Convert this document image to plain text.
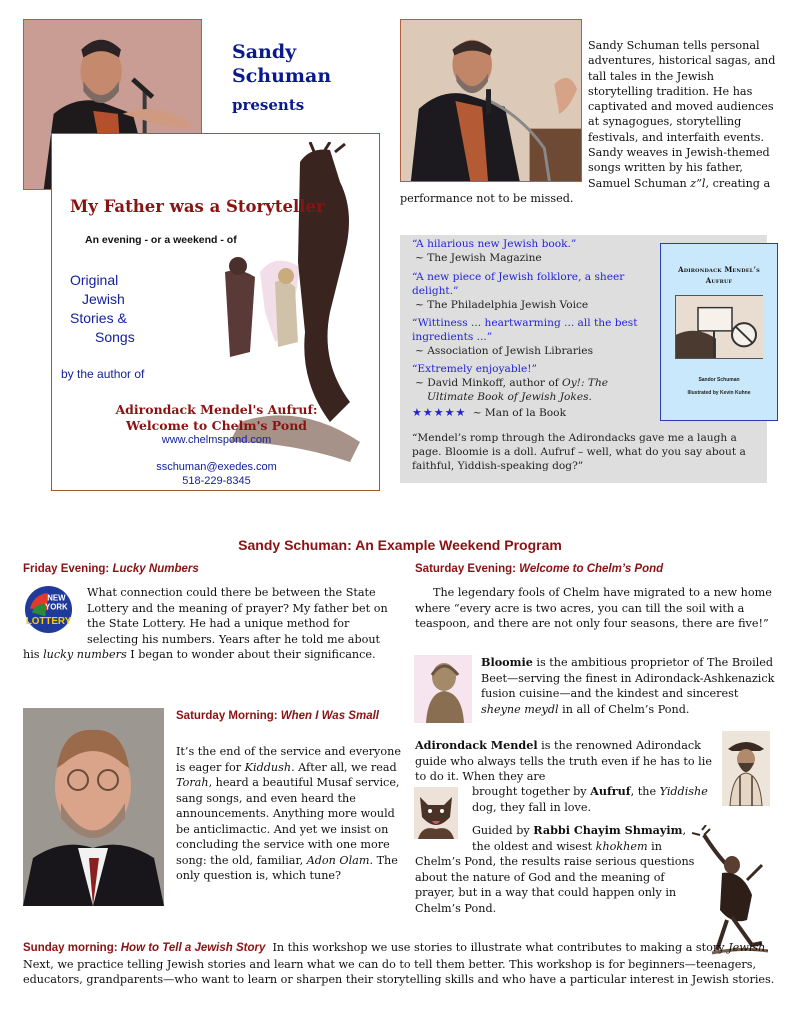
Sandy
Schuman
presents
My Father was a Storyteller
An evening - or a weekend - of
Original
Jewish
Stories &
Songs
by the author of
Adirondack Mendel's Aufruf:
Welcome to Chelm's Pond
www.chelmspond.com
sschuman@exedes.com
518-229-8345
Sandy Schuman tells personal adventures, historical sagas, and tall tales in the Jewish storytelling tradition. He has captivated and moved audiences at synagogues, storytelling festivals, and interfaith events. Sandy weaves in Jewish-themed songs written by his father, Samuel Schuman z”l, creating a performance not to be missed.
“A hilarious new Jewish book.”
~ The Jewish Magazine
“A new piece of Jewish folklore, a sheer delight.”
~ The Philadelphia Jewish Voice
“Wittiness ... heartwarming ... all the best ingredients ...”
~ Association of Jewish Libraries
“Extremely enjoyable!”
~ David Minkoff, author of Oy!: The
Ultimate Book of Jewish Jokes.
★★★★★ ~ Man of la Book
“Mendel’s romp through the Adirondacks gave me a laugh a page. Bloomie is a doll. Aufruf – well, what do you say about a faithful, Yiddish-speaking dog?”
Adirondack Mendel’s
Aufruf
Sandor Schuman
Illustrated by Kevin Kuhne
Sandy Schuman: An Example Weekend Program
Friday Evening: Lucky Numbers
What connection could there be between the State Lottery and the meaning of prayer? My father bet on the State Lottery. He had a unique method for selecting his numbers. Years after he told me about his lucky numbers I began to wonder about their significance.
NEW
YORK
LOTTERY
Saturday Morning: When I Was Small
It’s the end of the service and everyone is eager for Kiddush. After all, we read Torah, heard a beautiful Musaf service, sang songs, and even heard the announcements. Anything more would be anticlimactic. And yet we insist on concluding the service with one more song: the old, familiar, Adon Olam. The only question is, which tune?
Saturday Evening: Welcome to Chelm’s Pond
The legendary fools of Chelm have migrated to a new home where “every acre is two acres, you can till the soil with a teaspoon, and there are not only four seasons, there are five!”
Bloomie is the ambitious proprietor of The Broiled Beet—serving the finest in Adirondack-Ashkenazick fusion cuisine—and the kindest and sincerest sheyne meydl in all of Chelm’s Pond.
Adirondack Mendel is the renowned Adirondack guide who always tells the truth even if he has to lie to do it. When they are
brought together by Aufruf, the Yiddishe dog, they fall in love.
Guided by Rabbi Chayim Shmayim, the oldest and wisest khokhem in Chelm’s Pond, the results raise serious questions about the nature of God and the meaning of prayer, but in a way that could happen only in Chelm’s Pond.
Sunday morning: How to Tell a Jewish Story  In this workshop we use stories to illustrate what contributes to making a story Jewish. Next, we practice telling Jewish stories and learn what we can do to tell them better. This workshop is for beginners—teenagers, educators, grandparents—who want to learn or sharpen their storytelling skills and who have a particular interest in Jewish stories.
